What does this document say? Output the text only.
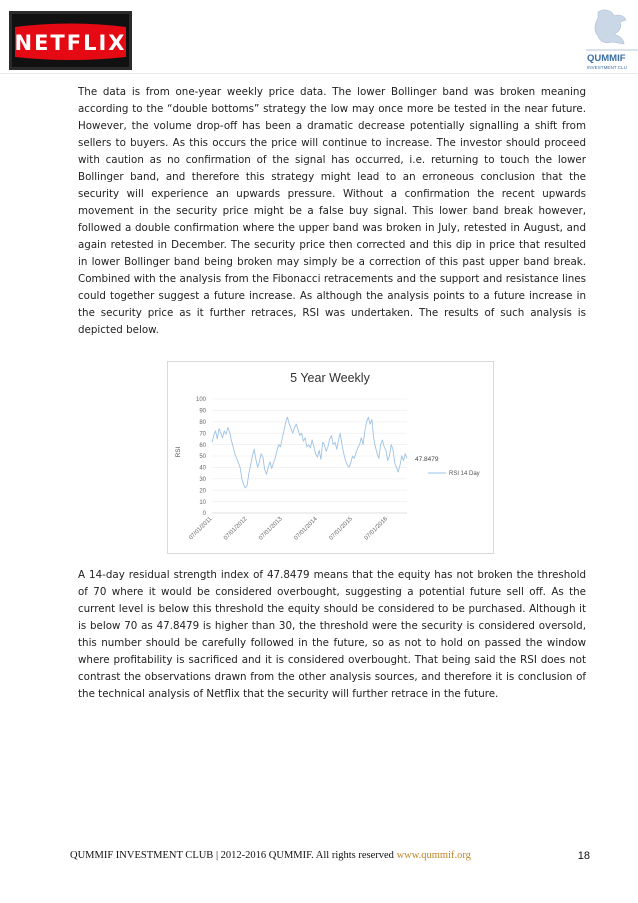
NETFLIX
QUMMIF
INVESTMENT CLU

The data is from one-year weekly price data. The lower Bollinger band was broken meaning according to the “double bottoms” strategy the low may once more be tested in the near future. However, the volume drop-off has been a dramatic decrease potentially signalling a shift from sellers to buyers. As this occurs the price will continue to increase. The investor should proceed with caution as no confirmation of the signal has occurred, i.e. returning to touch the lower Bollinger band, and therefore this strategy might lead to an erroneous conclusion that the security will experience an upwards pressure. Without a confirmation the recent upwards movement in the security price might be a false buy signal. This lower band break however, followed a double confirmation where the upper band was broken in July, retested in August, and again retested in December. The security price then corrected and this dip in price that resulted in lower Bollinger band being broken may simply be a correction of this past upper band break. Combined with the analysis from the Fibonacci retracements and the support and resistance lines could together suggest a future increase. As although the analysis points to a future increase in the security price as it further retraces, RSI was undertaken. The results of such analysis is depicted below.

5 Year Weekly
RSI
0
10
20
30
40
50
60
70
80
90
100
07/01/2011 07/01/2012 07/01/2013 07/01/2014 07/01/2015 07/01/2016
47.8479
RSI 14 Day

A 14-day residual strength index of 47.8479 means that the equity has not broken the threshold of 70 where it would be considered overbought, suggesting a potential future sell off. As the current level is below this threshold the equity should be considered to be purchased. Although it is below 70 as 47.8479 is higher than 30, the threshold were the security is considered oversold, this number should be carefully followed in the future, so as not to hold on passed the window where profitability is sacrificed and it is considered overbought. That being said the RSI does not contrast the observations drawn from the other analysis sources, and therefore it is conclusion of the technical analysis of Netflix that the security will further retrace in the future.

QUMMIF INVESTMENT CLUB | 2012-2016 QUMMIF. All rights reserved www.qummif.org	18
